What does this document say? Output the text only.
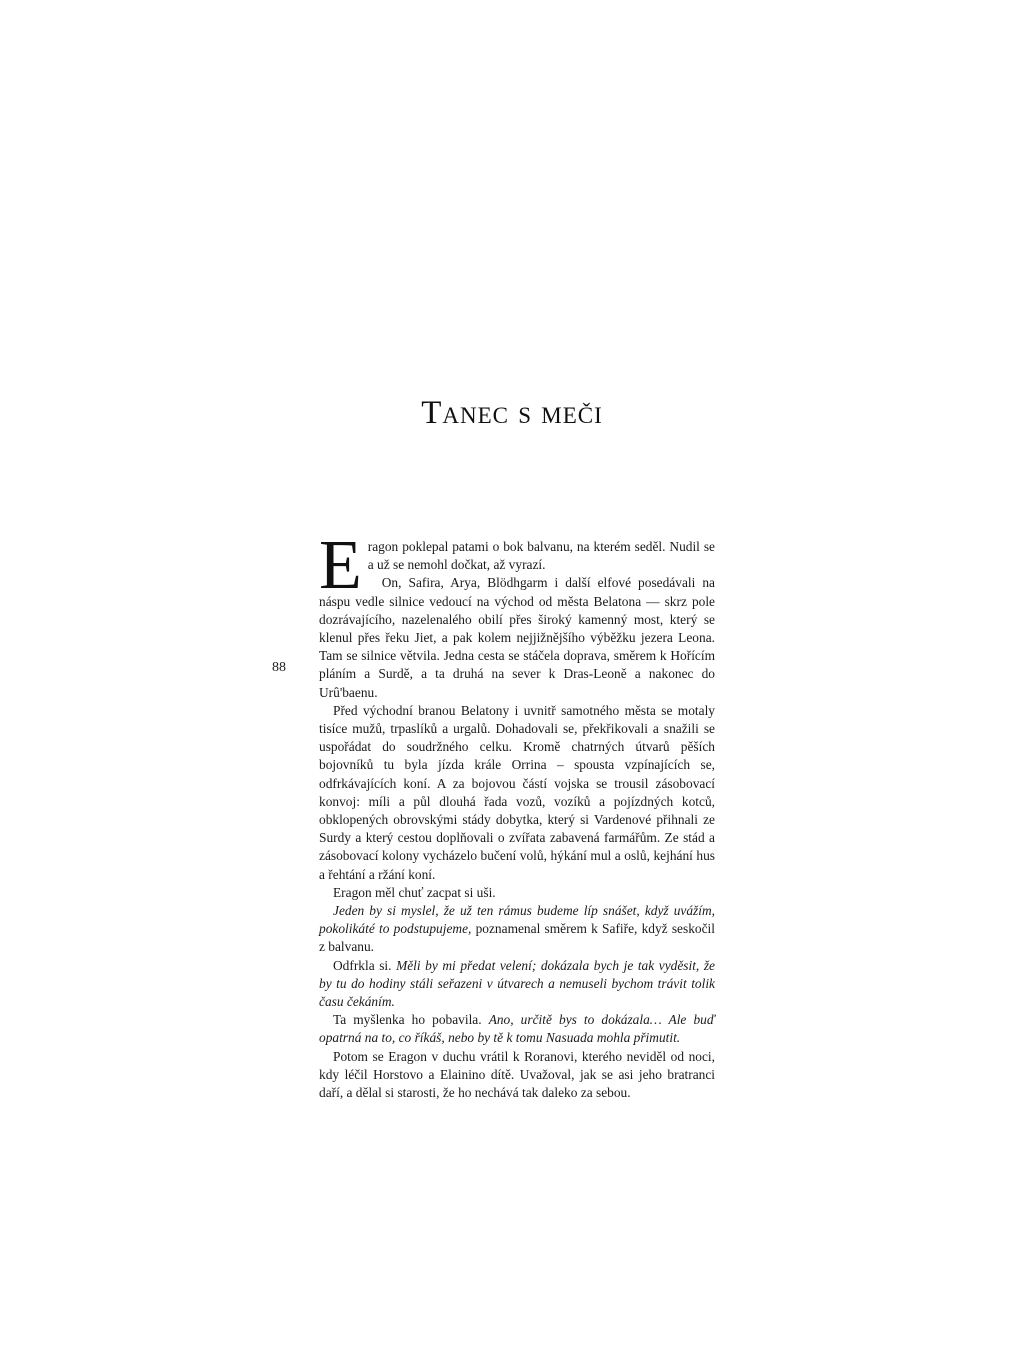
Tanec s meči
88

Eragon poklepal patami o bok balvanu, na kterém seděl. Nudil se a už se nemohl dočkat, až vyrazí.

On, Safira, Arya, Blödhgarm i další elfové posedávali na náspu vedle silnice vedoucí na východ od města Belatona — skrz pole dozrávajícího, nazelenalého obilí přes široký kamenný most, který se klenul přes řeku Jiet, a pak kolem nejjižnějšího výběžku jezera Leona. Tam se silnice větvila. Jedna cesta se stáčela doprava, směrem k Hořícím pláním a Surdě, a ta druhá na sever k Dras-Leoně a nakonec do Urû'baenu.

Před východní branou Belatony i uvnitř samotného města se motaly tisíce mužů, trpaslíků a urgalů. Dohadovali se, překřikovali a snažili se uspořádat do soudržného celku. Kromě chatrných útvarů pěších bojovníků tu byla jízda krále Orrina – spousta vzpínajících se, odfrkávajících koní. A za bojovou částí vojska se trousil zásobovací konvoj: míli a půl dlouhá řada vozů, vozíků a pojízdných kotců, obklopených obrovskými stády dobytka, který si Vardenové přihnali ze Surdy a který cestou doplňovali o zvířata zabavená farmářům. Ze stád a zásobovací kolony vycházelo bučení volů, hýkání mul a oslů, kejhání hus a řehtání a ržání koní.

Eragon měl chuť zacpat si uši.

Jeden by si myslel, že už ten rámus budeme líp snášet, když uvážím, pokolikáté to podstupujeme, poznamenal směrem k Safiře, když seskočil z balvanu.

Odfrkla si. Měli by mi předat velení; dokázala bych je tak vyděsit, že by tu do hodiny stáli seřazeni v útvarech a nemuseli bychom trávit tolik času čekáním.

Ta myšlenka ho pobavila. Ano, určitě bys to dokázala… Ale buď opatrná na to, co říkáš, nebo by tě k tomu Nasuada mohla přimutit.

Potom se Eragon v duchu vrátil k Roranovi, kterého neviděl od noci, kdy léčil Horstovo a Elainino dítě. Uvažoval, jak se asi jeho bratranci daří, a dělal si starosti, že ho nechává tak daleko za sebou.
